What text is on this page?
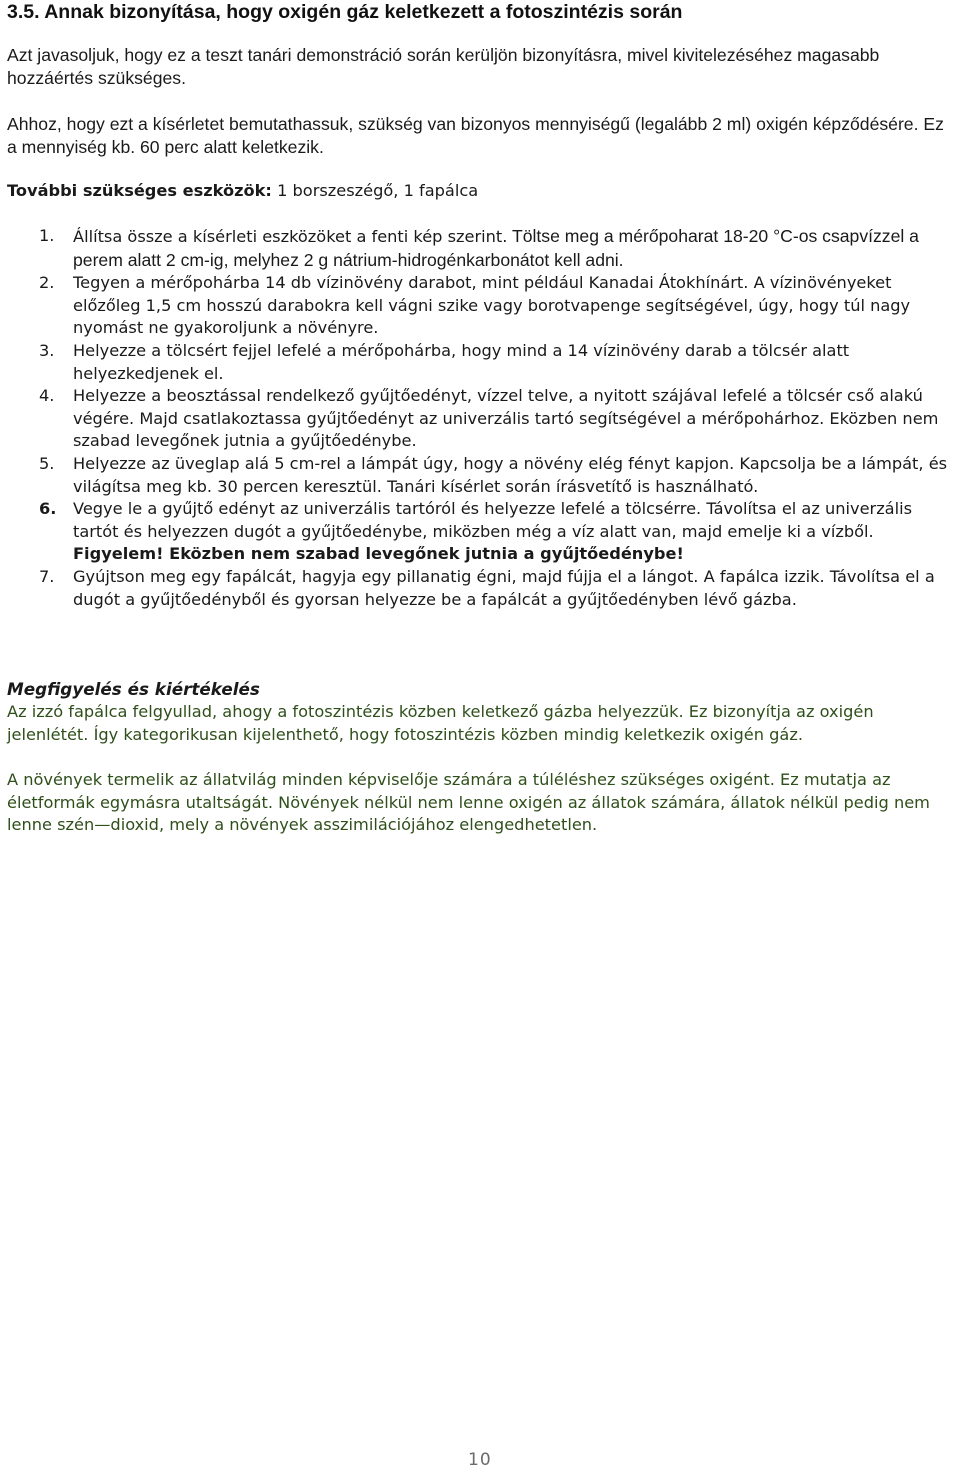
3.5. Annak bizonyítása, hogy oxigén gáz keletkezett a fotoszintézis során

Azt javasoljuk, hogy ez a teszt tanári demonstráció során kerüljön bizonyításra, mivel kivitelezéséhez magasabb hozzáértés szükséges.

Ahhoz, hogy ezt a kísérletet bemutathassuk, szükség van bizonyos mennyiségű (legalább 2 ml) oxigén képződésére. Ez a mennyiség kb. 60 perc alatt keletkezik.

További szükséges eszközök: 1 borszeszégő, 1 fapálca

1.	Állítsa össze a kísérleti eszközöket a fenti kép szerint. Töltse meg a mérőpoharat 18-20 °C-os csapvízzel a perem alatt 2 cm-ig, melyhez 2 g nátrium-hidrogénkarbonátot kell adni.
2.	Tegyen a mérőpohárba 14 db vízinövény darabot, mint például Kanadai Átokhínárt. A vízinövényeket előzőleg 1,5 cm hosszú darabokra kell vágni szike vagy borotvapenge segítségével, úgy, hogy túl nagy nyomást ne gyakoroljunk a növényre.
3.	Helyezze a tölcsért fejjel lefelé a mérőpohárba, hogy mind a 14 vízinövény darab a tölcsér alatt helyezkedjenek el.
4.	Helyezze a beosztással rendelkező gyűjtőedényt, vízzel telve, a nyitott szájával lefelé a tölcsér cső alakú végére. Majd csatlakoztassa gyűjtőedényt az univerzális tartó segítségével a mérőpohárhoz. Eközben nem szabad levegőnek jutnia a gyűjtőedénybe.
5.	Helyezze az üveglap alá 5 cm-rel a lámpát úgy, hogy a növény elég fényt kapjon. Kapcsolja be a lámpát, és világítsa meg kb. 30 percen keresztül. Tanári kísérlet során írásvetítő is használható.
6.	Vegye le a gyűjtő edényt az univerzális tartóról és helyezze lefelé a tölcsérre. Távolítsa el az univerzális tartót és helyezzen dugót a gyűjtőedénybe, miközben még a víz alatt van, majd emelje ki a vízből. Figyelem! Eközben nem szabad levegőnek jutnia a gyűjtőedénybe!
7.	Gyújtson meg egy fapálcát, hagyja egy pillanatig égni, majd fújja el a lángot. A fapálca izzik. Távolítsa el a dugót a gyűjtőedényből és gyorsan helyezze be a fapálcát a gyűjtőedényben lévő gázba.
Megfigyelés és kiértékelés

Az izzó fapálca felgyullad, ahogy a fotoszintézis közben keletkező gázba helyezzük. Ez bizonyítja az oxigén jelenlétét. Így kategorikusan kijelenthető, hogy fotoszintézis közben mindig keletkezik oxigén gáz.

A növények termelik az állatvilág minden képviselője számára a túléléshez szükséges oxigént. Ez mutatja az életformák egymásra utaltságát. Növények nélkül nem lenne oxigén az állatok számára, állatok nélkül pedig nem lenne szén—dioxid, mely a növények asszimilációjához elengedhetetlen.

10
